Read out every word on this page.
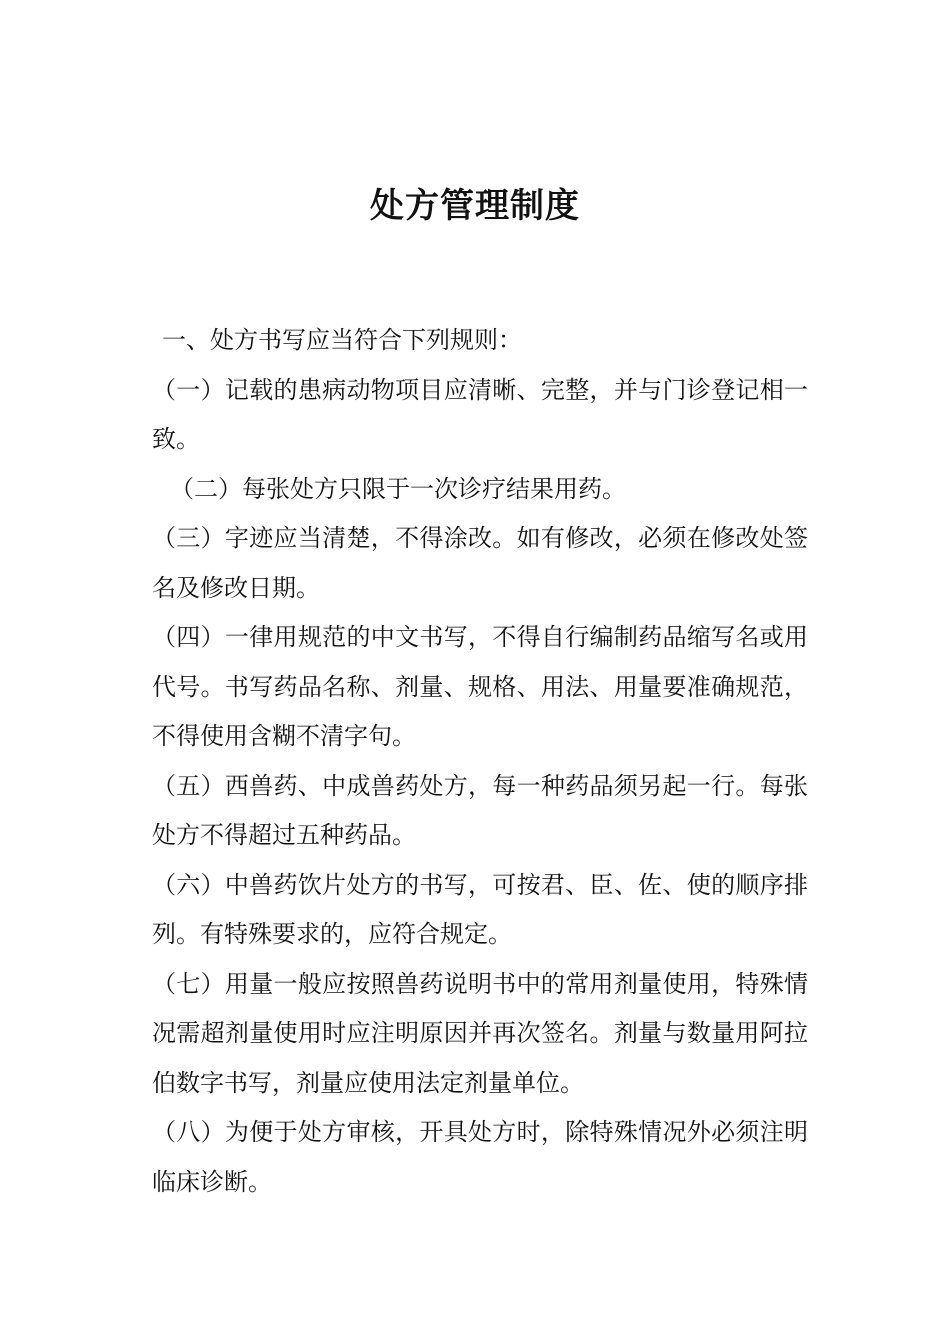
处方管理制度

一、处方书写应当符合下列规则：

（一）记载的患病动物项目应清晰、完整，并与门诊登记相一致。

（二）每张处方只限于一次诊疗结果用药。

（三）字迹应当清楚，不得涂改。如有修改，必须在修改处签名及修改日期。

（四）一律用规范的中文书写，不得自行编制药品缩写名或用代号。书写药品名称、剂量、规格、用法、用量要准确规范，不得使用含糊不清字句。

（五）西兽药、中成兽药处方，每一种药品须另起一行。每张处方不得超过五种药品。

（六）中兽药饮片处方的书写，可按君、臣、佐、使的顺序排列。有特殊要求的，应符合规定。

（七）用量一般应按照兽药说明书中的常用剂量使用，特殊情况需超剂量使用时应注明原因并再次签名。剂量与数量用阿拉伯数字书写，剂量应使用法定剂量单位。

（八）为便于处方审核，开具处方时，除特殊情况外必须注明临床诊断。
